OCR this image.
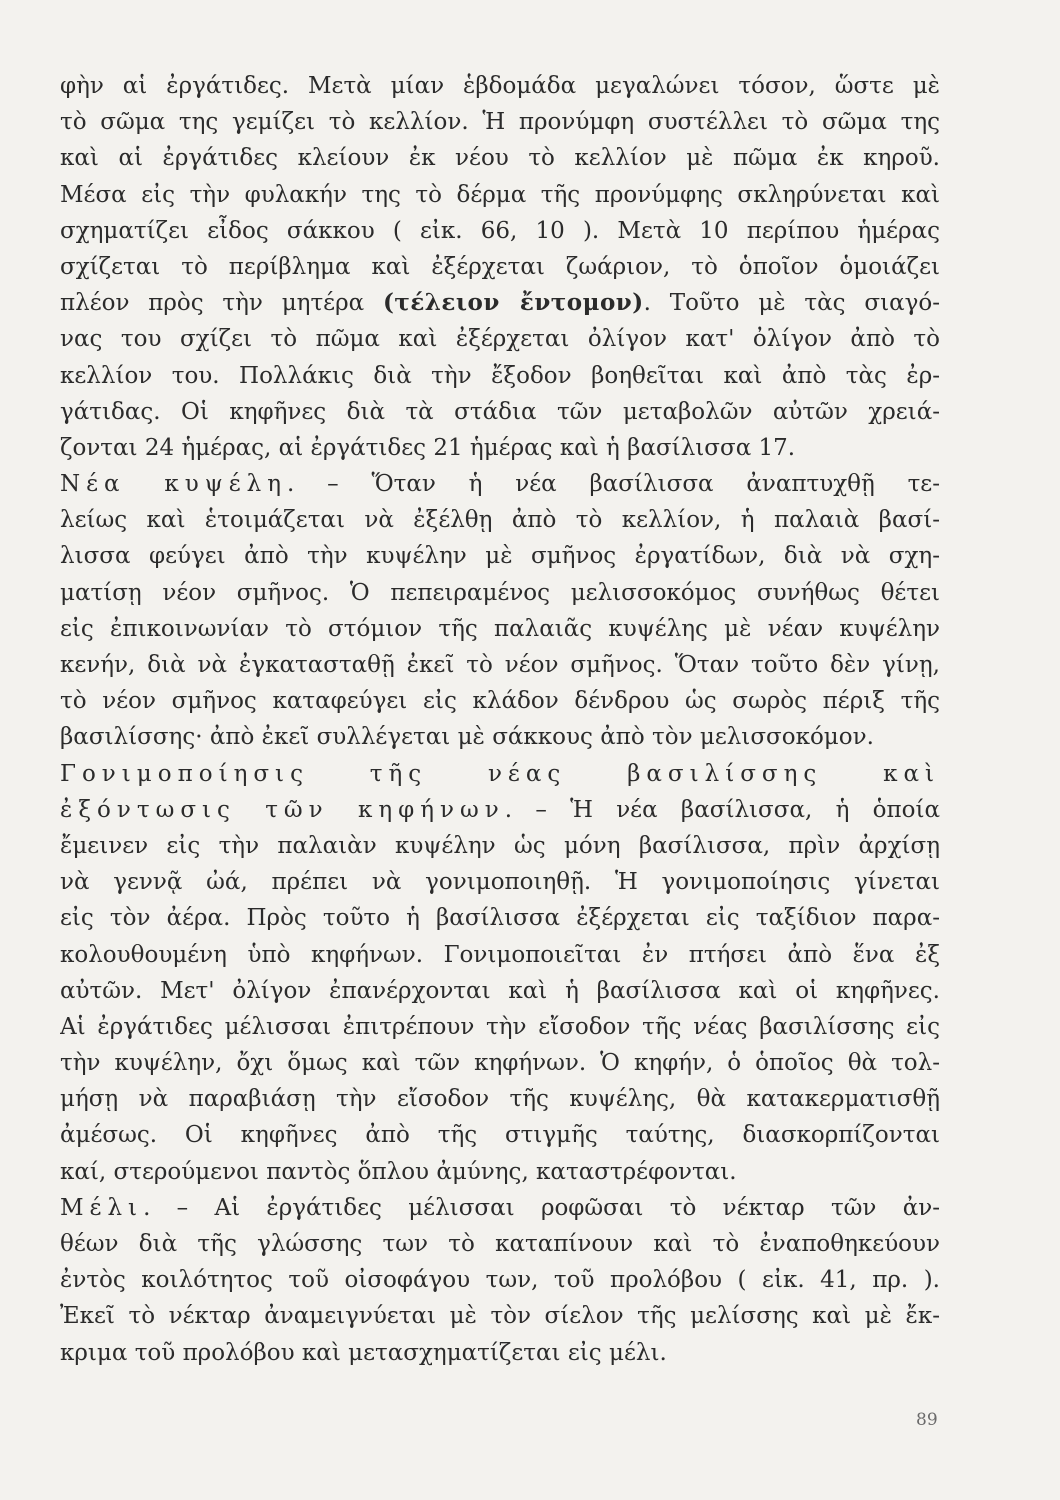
φὴν αἱ ἐργάτιδες. Μετὰ μίαν ἑβδομάδα μεγαλώνει τόσον, ὥστε μὲ
τὸ σῶμα της γεμίζει τὸ κελλίον. Ἡ προνύμφη συστέλλει τὸ σῶμα της
καὶ αἱ ἐργάτιδες κλείουν ἐκ νέου τὸ κελλίον μὲ πῶμα ἐκ κηροῦ.
Μέσα εἰς τὴν φυλακήν της τὸ δέρμα τῆς προνύμφης σκληρύνεται καὶ
σχηματίζει εἶδος σάκκου ( εἰκ. 66, 10 ). Μετὰ 10 περίπου ἡμέρας
σχίζεται τὸ περίβλημα καὶ ἐξέρχεται ζωάριον, τὸ ὁποῖον ὁμοιάζει
πλέον πρὸς τὴν μητέρα (τέλειον ἔντομον). Τοῦτο μὲ τὰς σιαγό-
νας του σχίζει τὸ πῶμα καὶ ἐξέρχεται ὀλίγον κατ' ὀλίγον ἀπὸ τὸ
κελλίον του. Πολλάκις διὰ τὴν ἔξοδον βοηθεῖται καὶ ἀπὸ τὰς ἐρ-
γάτιδας. Οἱ κηφῆνες διὰ τὰ στάδια τῶν μεταβολῶν αὐτῶν χρειά-
ζονται 24 ἡμέρας, αἱ ἐργάτιδες 21 ἡμέρας καὶ ἡ βασίλισσα 17.
Νέα κυψέλη. – Ὅταν ἡ νέα βασίλισσα ἀναπτυχθῇ τε-
λείως καὶ ἑτοιμάζεται νὰ ἐξέλθῃ ἀπὸ τὸ κελλίον, ἡ παλαιὰ βασί-
λισσα φεύγει ἀπὸ τὴν κυψέλην μὲ σμῆνος ἐργατίδων, διὰ νὰ σχη-
ματίσῃ νέον σμῆνος. Ὁ πεπειραμένος μελισσοκόμος συνήθως θέτει
εἰς ἐπικοινωνίαν τὸ στόμιον τῆς παλαιᾶς κυψέλης μὲ νέαν κυψέλην
κενήν, διὰ νὰ ἐγκατασταθῇ ἐκεῖ τὸ νέον σμῆνος. Ὅταν τοῦτο δὲν γίνῃ,
τὸ νέον σμῆνος καταφεύγει εἰς κλάδον δένδρου ὡς σωρὸς πέριξ τῆς
βασιλίσσης· ἀπὸ ἐκεῖ συλλέγεται μὲ σάκκους ἀπὸ τὸν μελισσοκόμον.
Γονιμοποίησις τῆς νέας βασιλίσσης καὶ
ἐξόντωσις τῶν κηφήνων. – Ἡ νέα βασίλισσα, ἡ ὁποία
ἔμεινεν εἰς τὴν παλαιὰν κυψέλην ὡς μόνη βασίλισσα, πρὶν ἀρχίσῃ
νὰ γεννᾷ ὠά, πρέπει νὰ γονιμοποιηθῇ. Ἡ γονιμοποίησις γίνεται
εἰς τὸν ἀέρα. Πρὸς τοῦτο ἡ βασίλισσα ἐξέρχεται εἰς ταξίδιον παρα-
κολουθουμένη ὑπὸ κηφήνων. Γονιμοποιεῖται ἐν πτήσει ἀπὸ ἕνα ἐξ
αὐτῶν. Μετ' ὀλίγον ἐπανέρχονται καὶ ἡ βασίλισσα καὶ οἱ κηφῆνες.
Αἱ ἐργάτιδες μέλισσαι ἐπιτρέπουν τὴν εἴσοδον τῆς νέας βασιλίσσης εἰς
τὴν κυψέλην, ὄχι ὅμως καὶ τῶν κηφήνων. Ὁ κηφήν, ὁ ὁποῖος θὰ τολ-
μήσῃ νὰ παραβιάσῃ τὴν εἴσοδον τῆς κυψέλης, θὰ κατακερματισθῇ
ἀμέσως. Οἱ κηφῆνες ἀπὸ τῆς στιγμῆς ταύτης, διασκορπίζονται
καί, στερούμενοι παντὸς ὅπλου ἀμύνης, καταστρέφονται.
Μέλι. – Αἱ ἐργάτιδες μέλισσαι ροφῶσαι τὸ νέκταρ τῶν ἀν-
θέων διὰ τῆς γλώσσης των τὸ καταπίνουν καὶ τὸ ἐναποθηκεύουν
ἐντὸς κοιλότητος τοῦ οἰσοφάγου των, τοῦ προλόβου ( εἰκ. 41, πρ. ).
Ἐκεῖ τὸ νέκταρ ἀναμειγνύεται μὲ τὸν σίελον τῆς μελίσσης καὶ μὲ ἔκ-
κριμα τοῦ προλόβου καὶ μετασχηματίζεται εἰς μέλι.
89
